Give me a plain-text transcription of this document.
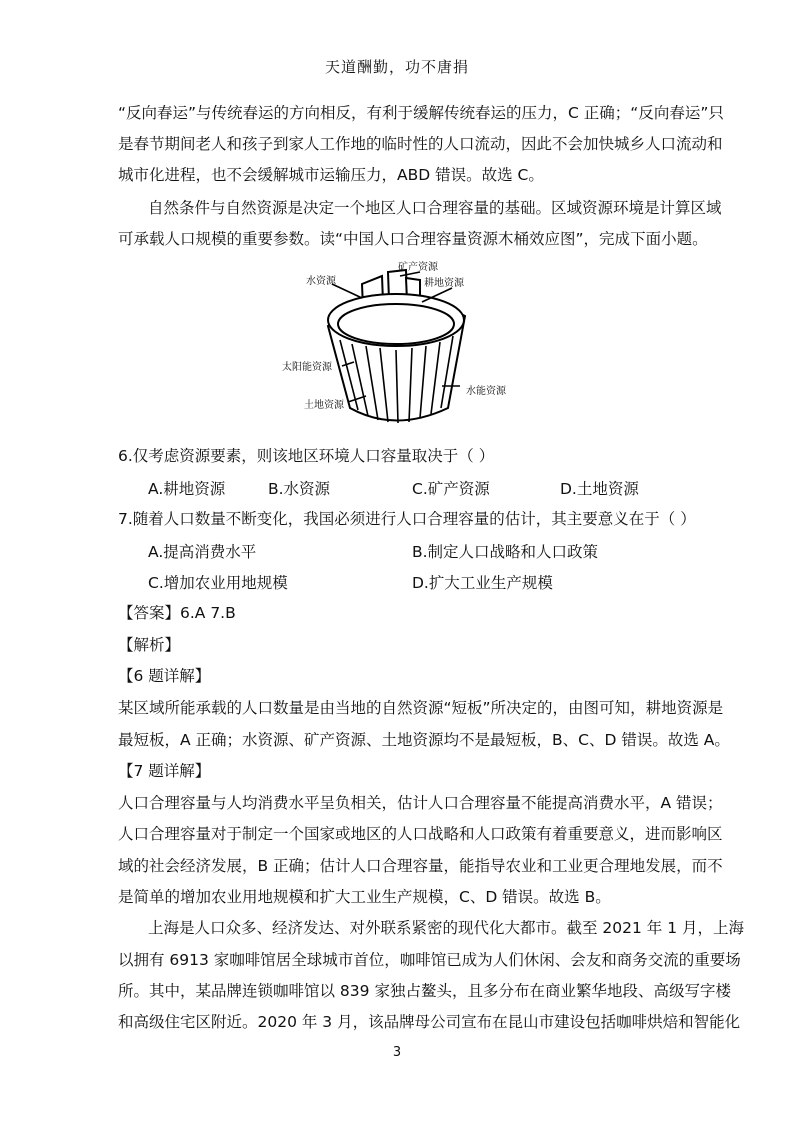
天道酬勤，功不唐捐
“反向春运”与传统春运的方向相反，有利于缓解传统春运的压力，C 正确；“反向春运”只
是春节期间老人和孩子到家人工作地的临时性的人口流动，因此不会加快城乡人口流动和
城市化进程，也不会缓解城市运输压力，ABD 错误。故选 C。
自然条件与自然资源是决定一个地区人口合理容量的基础。区域资源环境是计算区域
可承载人口规模的重要参数。读“中国人口合理容量资源木桶效应图”，完成下面小题。
水资源
矿产资源
耕地资源
太阳能资源
水能资源
土地资源
6.仅考虑资源要素，则该地区环境人口容量取决于（ ）
A.耕地资源	B.水资源	C.矿产资源	D.土地资源
7.随着人口数量不断变化，我国必须进行人口合理容量的估计，其主要意义在于（ ）
A.提高消费水平	B.制定人口战略和人口政策
C.增加农业用地规模	D.扩大工业生产规模
【答案】6.A 7.B
【解析】
【6 题详解】
某区域所能承载的人口数量是由当地的自然资源“短板”所决定的，由图可知，耕地资源是
最短板，A 正确；水资源、矿产资源、土地资源均不是最短板，B、C、D 错误。故选 A。
【7 题详解】
人口合理容量与人均消费水平呈负相关，估计人口合理容量不能提高消费水平，A 错误；
人口合理容量对于制定一个国家或地区的人口战略和人口政策有着重要意义，进而影响区
域的社会经济发展，B 正确；估计人口合理容量，能指导农业和工业更合理地发展，而不
是简单的增加农业用地规模和扩大工业生产规模，C、D 错误。故选 B。
上海是人口众多、经济发达、对外联系紧密的现代化大都市。截至 2021 年 1 月，上海
以拥有 6913 家咖啡馆居全球城市首位，咖啡馆已成为人们休闲、会友和商务交流的重要场
所。其中，某品牌连锁咖啡馆以 839 家独占鳌头，且多分布在商业繁华地段、高级写字楼
和高级住宅区附近。2020 年 3 月，该品牌母公司宣布在昆山市建设包括咖啡烘焙和智能化
3
